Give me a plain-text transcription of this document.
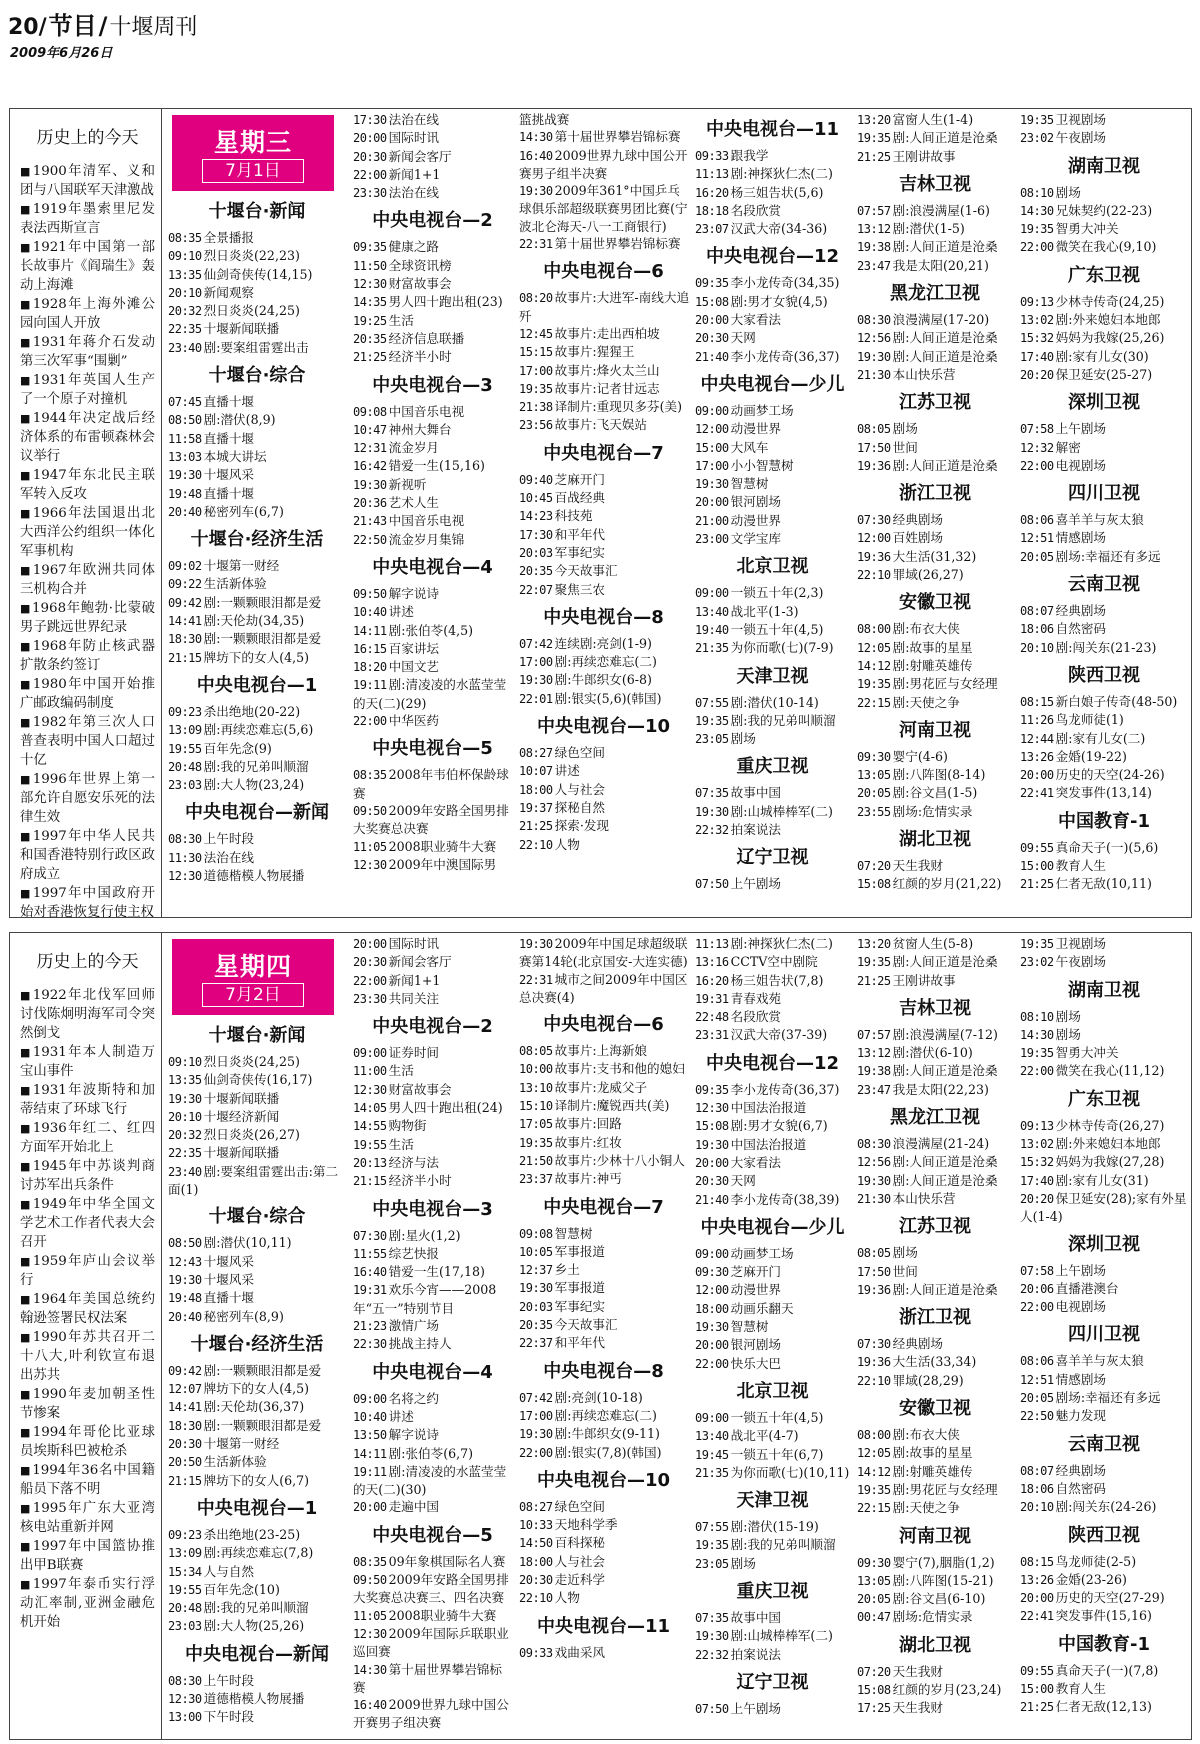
20/ 节目 / 十堰周刊
2009年6月26日
历史上的今天
■ 1900年清军、义和团与八国联军天津激战
■ 1919年墨索里尼发表法西斯宣言
■ 1921年中国第一部长故事片《阎瑞生》轰动上海滩
■ 1928年上海外滩公园向国人开放
■ 1931年蒋介石发动第三次军事“围剿”
■ 1931年英国人生产了一个原子对撞机
■ 1944年决定战后经济体系的布雷顿森林会议举行
■ 1947年东北民主联军转入反攻
■ 1966年法国退出北大西洋公约组织一体化军事机构
■ 1967年欧洲共同体三机构合并
■ 1968年鲍勃·比蒙破男子跳远世界纪录
■ 1968年防止核武器扩散条约签订
■ 1980年中国开始推广邮政编码制度
■ 1982年第三次人口普查表明中国人口超过十亿
■ 1996年世界上第一部允许自愿安乐死的法律生效
■ 1997年中华人民共和国香港特别行政区政府成立
■ 1997年中国政府开始对香港恢复行使主权
星期三
7月1日
十堰台·新闻
08:35 全景播报
09:10 烈日炎炎(22,23)
13:35 仙剑奇侠传(14,15)
20:10 新闻观察
20:32 烈日炎炎(24,25)
22:35 十堰新闻联播
23:40 剧:要案组雷霆出击
十堰台·综合
07:45 直播十堰
08:50 剧:潜伏(8,9)
11:58 直播十堰
13:03 本城大讲坛
19:30 十堰风采
19:48 直播十堰
20:40 秘密列车(6,7)
十堰台·经济生活
09:02 十堰第一财经
09:22 生活新体验
09:42 剧:一颗颗眼泪都是爱
14:41 剧:天伦劫(34,35)
18:30 剧:一颗颗眼泪都是爱
21:15 牌坊下的女人(4,5)
中央电视台—1
09:23 杀出绝地(20-22)
13:09 剧:再续恋难忘(5,6)
19:55 百年先念(9)
20:48 剧:我的兄弟叫顺溜
23:03 剧:大人物(23,24)
中央电视台—新闻
08:30 上午时段
11:30 法治在线
12:30 道德楷模人物展播
17:30 法治在线
20:00 国际时讯
20:30 新闻会客厅
22:00 新闻1+1
23:30 法治在线
中央电视台—2
09:35 健康之路
11:50 全球资讯榜
12:30 财富故事会
14:35 男人四十跑出租(23)
19:25 生活
20:35 经济信息联播
21:25 经济半小时
中央电视台—3
09:08 中国音乐电视
10:47 神州大舞台
12:31 流金岁月
16:42 错爱一生(15,16)
19:30 新视听
20:36 艺术人生
21:43 中国音乐电视
22:50 流金岁月集锦
中央电视台—4
09:50 解字说诗
10:40 讲述
14:11 剧:张伯苓(4,5)
16:15 百家讲坛
18:20 中国文艺
19:11 剧:清凌凌的水蓝莹莹的天(二)(29)
22:00 中华医药
中央电视台—5
08:35 2008年韦伯杯保龄球赛
09:50 2009年安路全国男排大奖赛总决赛
11:05 2008职业骑牛大赛
12:30 2009年中澳国际男
篮挑战赛
14:30 第十届世界攀岩锦标赛
16:40 2009世界九球中国公开赛男子组半决赛
19:30 2009年361°中国乒乓球俱乐部超级联赛男团比赛(宁波北仑海天-八一工商银行)
22:31 第十届世界攀岩锦标赛
中央电视台—6
08:20 故事片:大进军-南线大追歼
12:45 故事片:走出西柏坡
15:15 故事片:猩猩王
17:00 故事片:烽火太兰山
19:35 故事片:记者甘远志
21:38 译制片:重现贝多芬(美)
23:56 故事片:飞天娱站
中央电视台—7
09:40 芝麻开门
10:45 百战经典
14:23 科技苑
17:30 和平年代
20:03 军事纪实
20:35 今天故事汇
22:07 聚焦三农
中央电视台—8
07:42 连续剧:亮剑(1-9)
17:00 剧:再续恋难忘(二)
19:30 剧:牛郎织女(6-8)
22:01 剧:银实(5,6)(韩国)
中央电视台—10
08:27 绿色空间
10:07 讲述
18:00 人与社会
19:37 探秘自然
21:25 探索·发现
22:10 人物
中央电视台—11
09:33 跟我学
11:13 剧:神探狄仁杰(二)
16:20 杨三姐告状(5,6)
18:18 名段欣赏
23:07 汉武大帝(34-36)
中央电视台—12
09:35 李小龙传奇(34,35)
15:08 剧:男才女貌(4,5)
20:00 大家看法
20:30 天网
21:40 李小龙传奇(36,37)
中央电视台—少儿
09:00 动画梦工场
12:00 动漫世界
15:00 大风车
17:00 小小智慧树
19:30 智慧树
20:00 银河剧场
21:00 动漫世界
23:00 文学宝库
北京卫视
09:00 一锁五十年(2,3)
13:40 战北平(1-3)
19:40 一锁五十年(4,5)
21:35 为你而歌(七)(7-9)
天津卫视
07:55 剧:潜伏(10-14)
19:35 剧:我的兄弟叫顺溜
23:05 剧场
重庆卫视
07:35 故事中国
19:30 剧:山城棒棒军(二)
22:32 拍案说法
辽宁卫视
07:50 上午剧场
13:20 富窗人生(1-4)
19:35 剧:人间正道是沧桑
21:25 王刚讲故事
吉林卫视
07:57 剧:浪漫满屋(1-6)
13:12 剧:潜伏(1-5)
19:38 剧:人间正道是沧桑
23:47 我是太阳(20,21)
黑龙江卫视
08:30 浪漫满屋(17-20)
12:56 剧:人间正道是沧桑
19:30 剧:人间正道是沧桑
21:30 本山快乐营
江苏卫视
08:05 剧场
17:50 世间
19:36 剧:人间正道是沧桑
浙江卫视
07:30 经典剧场
12:00 百姓剧场
19:36 大生活(31,32)
22:10 罪域(26,27)
安徽卫视
08:00 剧:布衣大侠
12:05 剧:故事的星星
14:12 剧:射雕英雄传
19:35 剧:男花匠与女经理
22:15 剧:天使之争
河南卫视
09:30 婴宁(4-6)
13:05 剧:八阵图(8-14)
20:05 剧:谷文昌(1-5)
23:55 剧场:危情实录
湖北卫视
07:20 天生我财
15:08 红颜的岁月(21,22)
19:35 卫视剧场
23:02 午夜剧场
湖南卫视
08:10 剧场
14:30 兄妹契约(22-23)
19:35 智勇大冲关
22:00 微笑在我心(9,10)
广东卫视
09:13 少林寺传奇(24,25)
13:02 剧:外来媳妇本地郎
15:32 妈妈为我嫁(25,26)
17:40 剧:家有儿女(30)
20:20 保卫延安(25-27)
深圳卫视
07:58 上午剧场
12:32 解密
22:00 电视剧场
四川卫视
08:06 喜羊羊与灰太狼
12:51 情感剧场
20:05 剧场:幸福还有多远
云南卫视
08:07 经典剧场
18:06 自然密码
20:10 剧:闯关东(21-23)
陕西卫视
08:15 新白娘子传奇(48-50)
11:26 鸟龙师徒(1)
12:44 剧:家有儿女(二)
13:26 金婚(19-22)
20:00 历史的天空(24-26)
22:41 突发事件(13,14)
中国教育-1
09:55 真命天子(一)(5,6)
15:00 教育人生
21:25 仁者无敌(10,11)
历史上的今天
■ 1922年北伐军回师讨伐陈炯明海军司令突然倒戈
■ 1931年本人制造万宝山事件
■ 1931年波斯特和加蒂结束了环球飞行
■ 1936年红二、红四方面军开始北上
■ 1945年中苏谈判商讨苏军出兵条件
■ 1949年中华全国文学艺术工作者代表大会召开
■ 1959年庐山会议举行
■ 1964年美国总统约翰逊签署民权法案
■ 1990年苏共召开二十八大,叶利钦宣布退出苏共
■ 1990年麦加朝圣性节惨案
■ 1994年哥伦比亚球员埃斯科巴被枪杀
■ 1994年36名中国籍船员下落不明
■ 1995年广东大亚湾核电站重新并网
■ 1997年中国篮协推出甲B联赛
■ 1997年泰币实行浮动汇率制,亚洲金融危机开始
星期四
7月2日
十堰台·新闻
09:10 烈日炎炎(24,25)
13:35 仙剑奇侠传(16,17)
19:30 十堰新闻联播
20:10 十堰经济新闻
20:32 烈日炎炎(26,27)
22:35 十堰新闻联播
23:40 剧:要案组雷霆出击:第二面(1)
十堰台·综合
08:50 剧:潜伏(10,11)
12:43 十堰风采
19:30 十堰风采
19:48 直播十堰
20:40 秘密列车(8,9)
十堰台·经济生活
09:42 剧:一颗颗眼泪都是爱
12:07 牌坊下的女人(4,5)
14:41 剧:天伦劫(36,37)
18:30 剧:一颗颗眼泪都是爱
20:30 十堰第一财经
20:50 生活新体验
21:15 牌坊下的女人(6,7)
中央电视台—1
09:23 杀出绝地(23-25)
13:09 剧:再续恋难忘(7,8)
15:34 人与自然
19:55 百年先念(10)
20:48 剧:我的兄弟叫顺溜
23:03 剧:大人物(25,26)
中央电视台—新闻
08:30 上午时段
12:30 道德楷模人物展播
13:00 下午时段
20:00 国际时讯
20:30 新闻会客厅
22:00 新闻1+1
23:30 共同关注
中央电视台—2
09:00 证券时间
11:00 生活
12:30 财富故事会
14:05 男人四十跑出租(24)
14:55 购物街
19:55 生活
20:13 经济与法
21:15 经济半小时
中央电视台—3
07:30 剧:星火(1,2)
11:55 综艺快报
16:40 错爱一生(17,18)
19:31 欢乐今宵——2008年“五一”特别节目
21:23 激情广场
22:30 挑战主持人
中央电视台—4
09:00 名将之约
10:40 讲述
13:50 解字说诗
14:11 剧:张伯苓(6,7)
19:11 剧:清凌凌的水蓝莹莹的天(二)(30)
20:00 走遍中国
中央电视台—5
08:35 09年象棋国际名人赛
09:50 2009年安路全国男排大奖赛总决赛三、四名决赛
11:05 2008职业骑牛大赛
12:30 2009年国际乒联职业巡回赛
14:30 第十届世界攀岩锦标赛
16:40 2009世界九球中国公开赛男子组决赛
19:30 2009年中国足球超级联赛第14轮(北京国安-大连实德)
22:31 城市之间2009年中国区总决赛(4)
中央电视台—6
08:05 故事片:上海新娘
10:00 故事片:支书和他的媳妇
13:10 故事片:龙威父子
15:10 译制片:魔锐西共(美)
17:05 故事片:回路
19:35 故事片:红妆
21:50 故事片:少林十八小铜人
23:37 故事片:神丐
中央电视台—7
09:08 智慧树
10:05 军事报道
12:37 乡土
19:30 军事报道
20:03 军事纪实
20:35 今天故事汇
22:37 和平年代
中央电视台—8
07:42 剧:亮剑(10-18)
17:00 剧:再续恋难忘(二)
19:30 剧:牛郎织女(9-11)
22:00 剧:银实(7,8)(韩国)
中央电视台—10
08:27 绿色空间
10:33 天地科学季
14:50 百科探秘
18:00 人与社会
20:30 走近科学
22:10 人物
中央电视台—11
09:33 戏曲采风
11:13 剧:神探狄仁杰(二)
13:16 CCTV空中剧院
16:20 杨三姐告状(7,8)
19:31 青春戏苑
22:48 名段欣赏
23:31 汉武大帝(37-39)
中央电视台—12
09:35 李小龙传奇(36,37)
12:30 中国法治报道
15:08 剧:男才女貌(6,7)
19:30 中国法治报道
20:00 大家看法
20:30 天网
21:40 李小龙传奇(38,39)
中央电视台—少儿
09:00 动画梦工场
09:30 芝麻开门
12:00 动漫世界
18:00 动画乐翻天
19:30 智慧树
20:00 银河剧场
22:00 快乐大巴
北京卫视
09:00 一锁五十年(4,5)
13:40 战北平(4-7)
19:45 一锁五十年(6,7)
21:35 为你而歌(七)(10,11)
天津卫视
07:55 剧:潜伏(15-19)
19:35 剧:我的兄弟叫顺溜
23:05 剧场
重庆卫视
07:35 故事中国
19:30 剧:山城棒棒军(二)
22:32 拍案说法
辽宁卫视
07:50 上午剧场
13:20 贫窗人生(5-8)
19:35 剧:人间正道是沧桑
21:25 王刚讲故事
吉林卫视
07:57 剧:浪漫满屋(7-12)
13:12 剧:潜伏(6-10)
19:38 剧:人间正道是沧桑
23:47 我是太阳(22,23)
黑龙江卫视
08:30 浪漫满屋(21-24)
12:56 剧:人间正道是沧桑
19:30 剧:人间正道是沧桑
21:30 本山快乐营
江苏卫视
08:05 剧场
17:50 世间
19:36 剧:人间正道是沧桑
浙江卫视
07:30 经典剧场
19:36 大生活(33,34)
22:10 罪域(28,29)
安徽卫视
08:00 剧:布衣大侠
12:05 剧:故事的星星
14:12 剧:射雕英雄传
19:35 剧:男花匠与女经理
22:15 剧:天使之争
河南卫视
09:30 婴宁(7),胭脂(1,2)
13:05 剧:八阵图(15-21)
20:05 剧:谷文昌(6-10)
00:47 剧场:危情实录
湖北卫视
07:20 天生我财
15:08 红颜的岁月(23,24)
17:25 天生我财
19:35 卫视剧场
23:02 午夜剧场
湖南卫视
08:10 剧场
14:30 剧场
19:35 智勇大冲关
22:00 微笑在我心(11,12)
广东卫视
09:13 少林寺传奇(26,27)
13:02 剧:外来媳妇本地郎
15:32 妈妈为我嫁(27,28)
17:40 剧:家有儿女(31)
20:20 保卫延安(28);家有外星人(1-4)
深圳卫视
07:58 上午剧场
20:06 直播港澳台
22:00 电视剧场
四川卫视
08:06 喜羊羊与灰太狼
12:51 情感剧场
20:05 剧场:幸福还有多远
22:50 魅力发现
云南卫视
08:07 经典剧场
18:06 自然密码
20:10 剧:闯关东(24-26)
陕西卫视
08:15 鸟龙师徒(2-5)
13:26 金婚(23-26)
20:00 历史的天空(27-29)
22:41 突发事件(15,16)
中国教育-1
09:55 真命天子(一)(7,8)
15:00 教育人生
21:25 仁者无敌(12,13)
